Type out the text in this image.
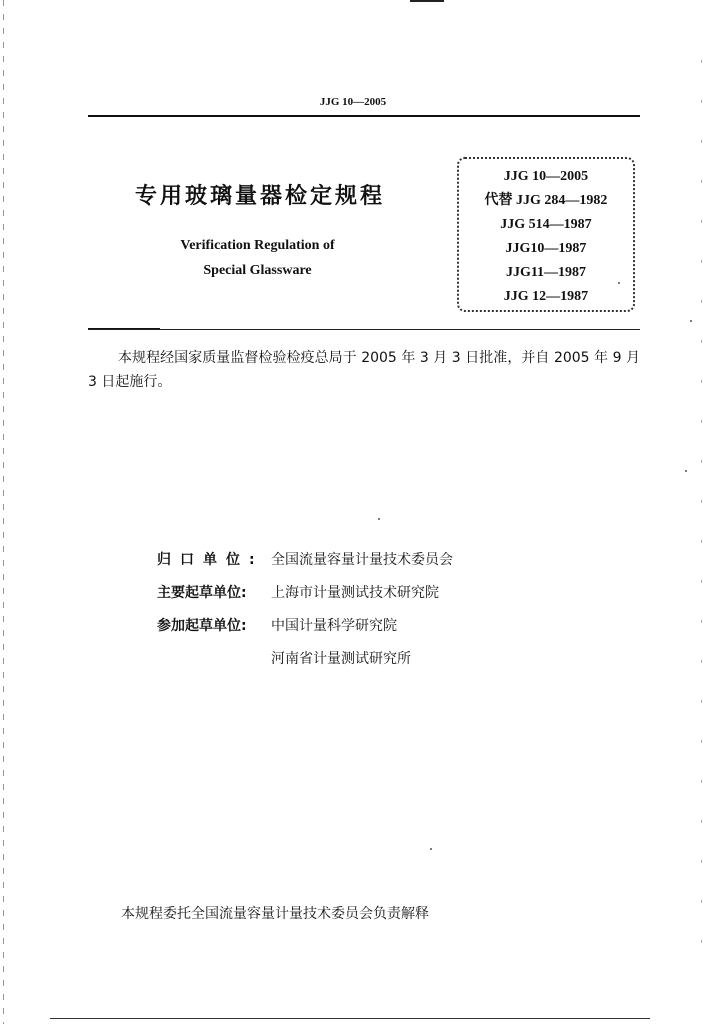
JJG 10—2005
专用玻璃量器检定规程
Verification Regulation of
Special Glassware
JJG 10—2005
代替 JJG 284—1982
JJG 514—1987
JJG10—1987
JJG11—1987
JJG 12—1987
本规程经国家质量监督检验检疫总局于 2005 年 3 月 3 日批准，并自 2005 年 9 月 3 日起施行。
归口单位: 全国流量容量计量技术委员会
主要起草单位: 上海市计量测试技术研究院
参加起草单位: 中国计量科学研究院
河南省计量测试研究所
本规程委托全国流量容量计量技术委员会负责解释
